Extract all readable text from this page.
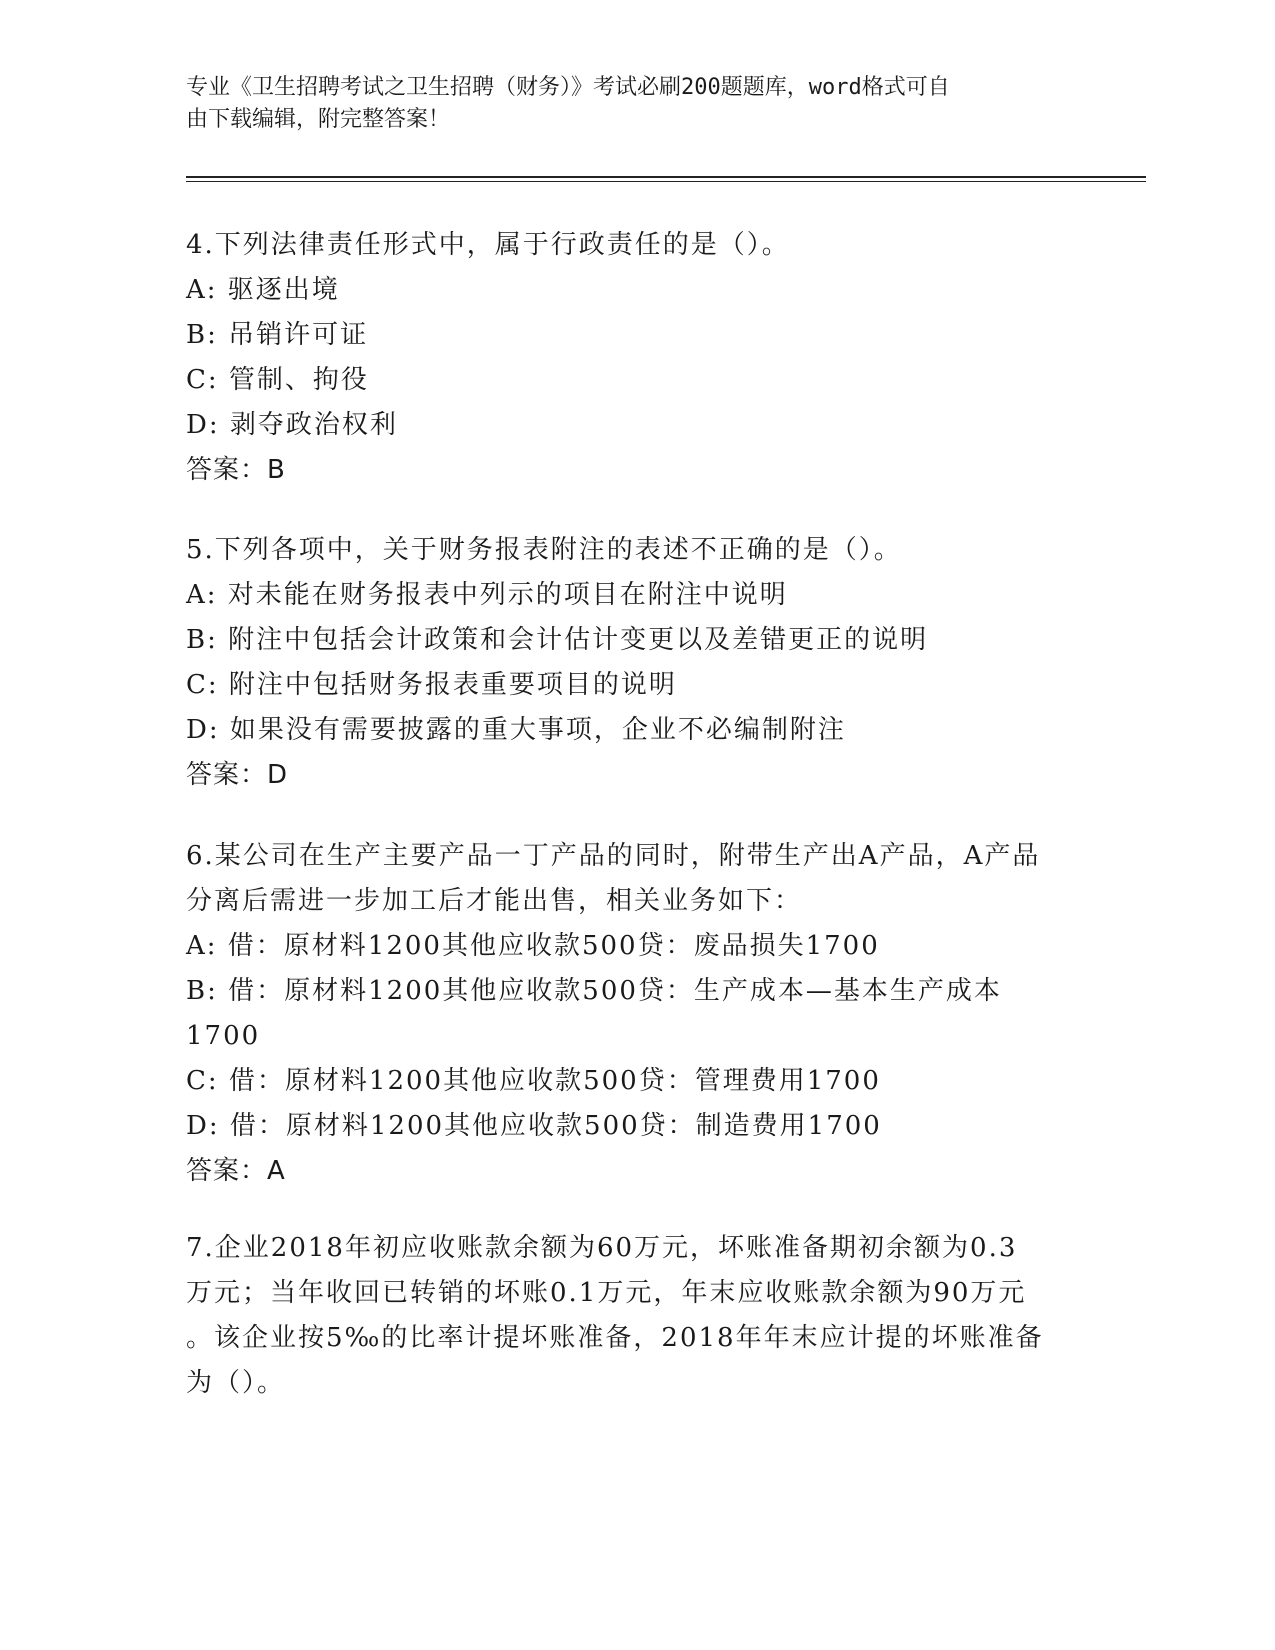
专业《卫生招聘考试之卫生招聘（财务）》考试必刷200题题库，word格式可自
由下载编辑，附完整答案！
4.下列法律责任形式中，属于行政责任的是（）。
A: 驱逐出境
B: 吊销许可证
C: 管制、拘役
D: 剥夺政治权利
答案：B
5.下列各项中，关于财务报表附注的表述不正确的是（）。
A: 对未能在财务报表中列示的项目在附注中说明
B: 附注中包括会计政策和会计估计变更以及差错更正的说明
C: 附注中包括财务报表重要项目的说明
D: 如果没有需要披露的重大事项，企业不必编制附注
答案：D
6.某公司在生产主要产品一丁产品的同时，附带生产出A产品，A产品
分离后需进一步加工后才能出售，相关业务如下：
A: 借：原材料1200其他应收款500贷：废品损失1700
B: 借：原材料1200其他应收款500贷：生产成本—基本生产成本
1700
C: 借：原材料1200其他应收款500贷：管理费用1700
D: 借：原材料1200其他应收款500贷：制造费用1700
答案：A
7.企业2018年初应收账款余额为60万元，坏账准备期初余额为0.3
万元；当年收回已转销的坏账0.1万元，年末应收账款余额为90万元
。该企业按5‰的比率计提坏账准备，2018年年末应计提的坏账准备
为（）。
